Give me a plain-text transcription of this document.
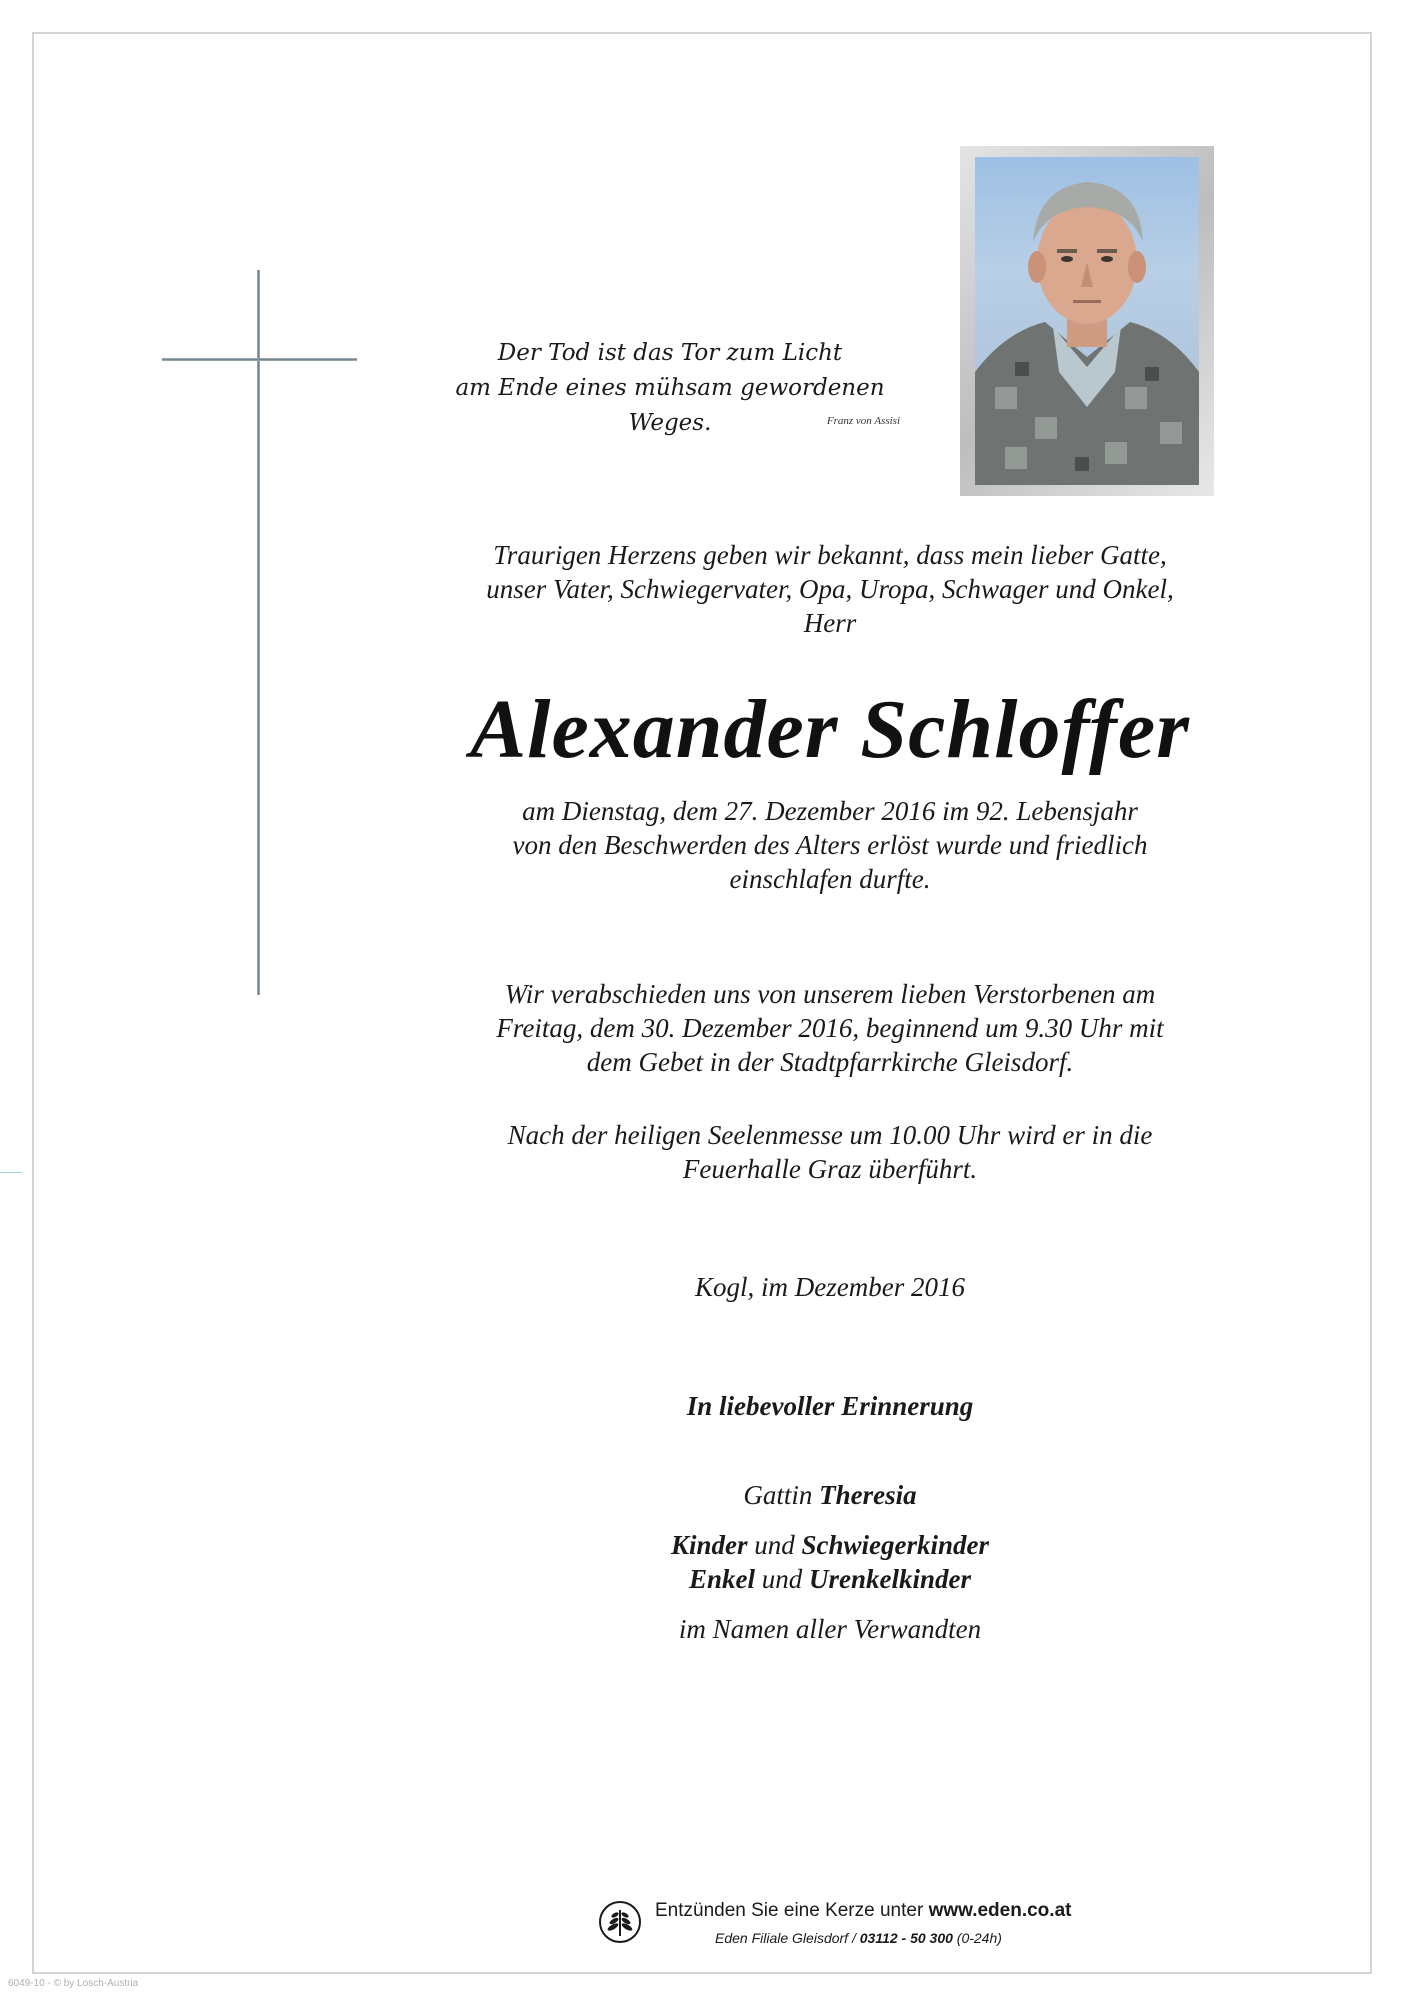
Der Tod ist das Tor zum Licht
am Ende eines mühsam gewordenen Weges.	Franz von Assisi
Traurigen Herzens geben wir bekannt, dass mein lieber Gatte,
unser Vater, Schwiegervater, Opa, Uropa, Schwager und Onkel,
Herr
Alexander Schloffer
am Dienstag, dem 27. Dezember 2016 im 92. Lebensjahr
von den Beschwerden des Alters erlöst wurde und friedlich
einschlafen durfte.
Wir verabschieden uns von unserem lieben Verstorbenen am
Freitag, dem 30. Dezember 2016, beginnend um 9.30 Uhr mit
dem Gebet in der Stadtpfarrkirche Gleisdorf.
Nach der heiligen Seelenmesse um 10.00 Uhr wird er in die
Feuerhalle Graz überführt.
Kogl, im Dezember 2016
In liebevoller Erinnerung
Gattin Theresia
Kinder und Schwiegerkinder
Enkel und Urenkelkinder
im Namen aller Verwandten
Entzünden Sie eine Kerze unter www.eden.co.at
Eden Filiale Gleisdorf / 03112 - 50 300 (0-24h)
6049-10 - © by Losch-Austria
